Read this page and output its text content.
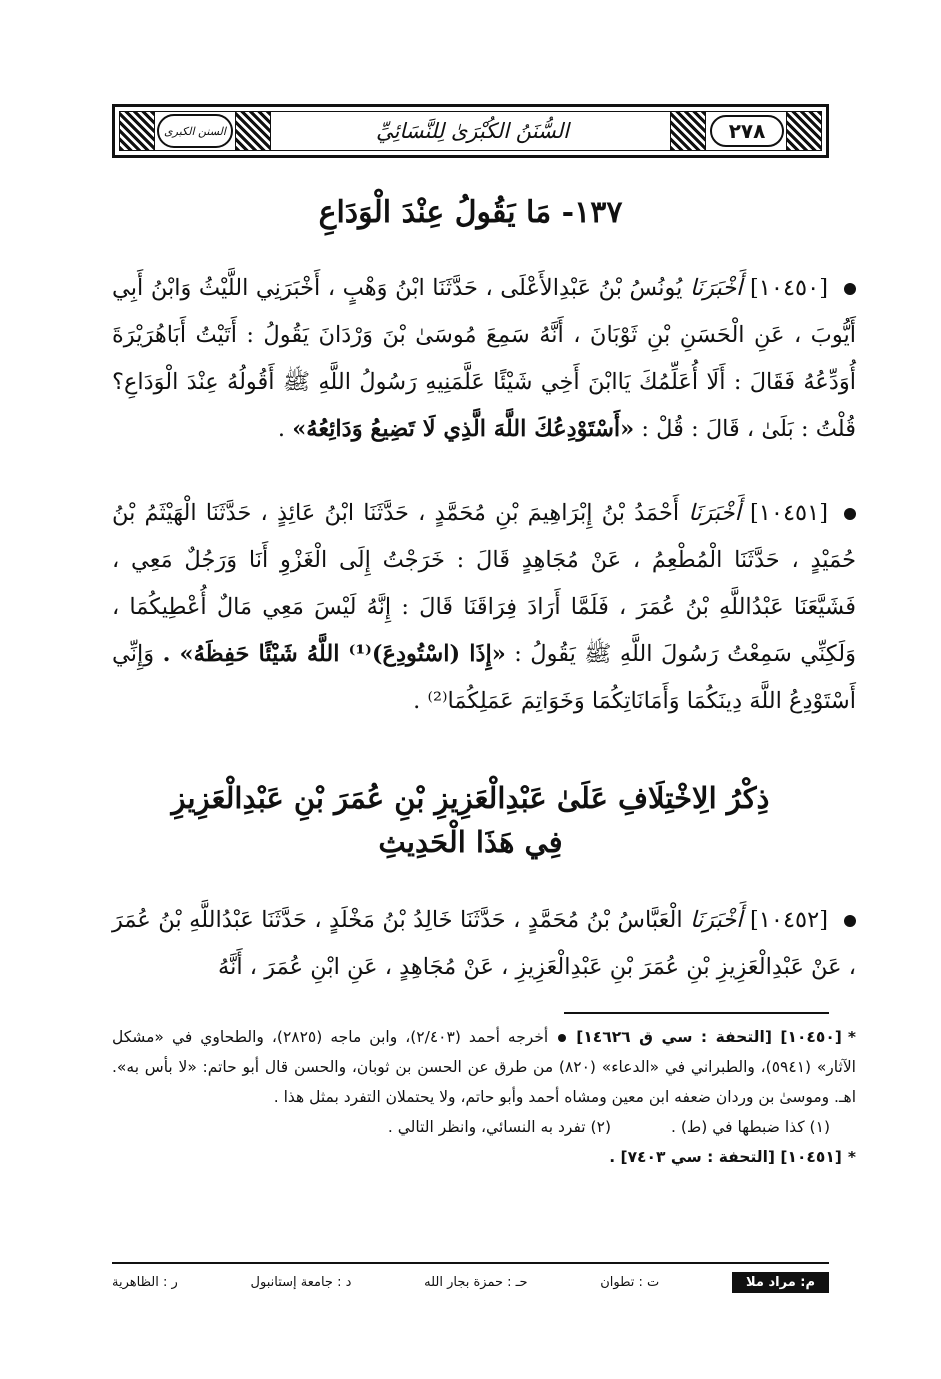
٢٧٨
السُّنَنُ الكُبْرَىٰ لِلنَّسَائِيِّ
السنن الكبرى
١٣٧- مَا يَقُولُ عِنْدَ الْوَدَاعِ
[١٠٤٥٠] أَخْبَرَنَا يُونُسُ بْنُ عَبْدِالأَعْلَى ، حَدَّثَنَا ابْنُ وَهْبٍ ، أَخْبَرَنِي اللَّيْثُ وَابْنُ أَبِي أَيُّوبَ ، عَنِ الْحَسَنِ بْنِ ثَوْبَانَ ، أَنَّهُ سَمِعَ مُوسَىٰ بْنَ وَرْدَانَ يَقُولُ : أَتَيْتُ أَبَاهُرَيْرَةَ أُوَدِّعُهُ فَقَالَ : أَلَا أُعَلِّمُكَ يَاابْنَ أَخِي شَيْئًا عَلَّمَنِيهِ رَسُولُ اللَّهِ ﷺ أَقُولُهُ عِنْدَ الْوَدَاعِ؟ قُلْتُ : بَلَىٰ ، قَالَ : قُلْ : «أَسْتَوْدِعُكَ اللَّهَ الَّذِي لَا تَضِيعُ وَدَائِعُهُ» .
[١٠٤٥١] أَخْبَرَنَا أَحْمَدُ بْنُ إِبْرَاهِيمَ بْنِ مُحَمَّدٍ ، حَدَّثَنَا ابْنُ عَائِذٍ ، حَدَّثَنَا الْهَيْثَمُ بْنُ حُمَيْدٍ ، حَدَّثَنَا الْمُطْعِمُ ، عَنْ مُجَاهِدٍ قَالَ : خَرَجْتُ إِلَى الْغَزْوِ أَنَا وَرَجُلٌ مَعِي ، فَشَيَّعَنَا عَبْدُاللَّهِ بْنُ عُمَرَ ، فَلَمَّا أَرَادَ فِرَاقَنَا قَالَ : إِنَّهُ لَيْسَ مَعِي مَالٌ أُعْطِيكُمَا ، وَلَكِنِّي سَمِعْتُ رَسُولَ اللَّهِ ﷺ يَقُولُ : «إِذَا (اسْتُودِعَ)⁽¹⁾ اللَّهُ شَيْئًا حَفِظَهُ» . وَإِنِّي أَسْتَوْدِعُ اللَّهَ دِينَكُمَا وَأَمَانَاتِكُمَا وَخَوَاتِمَ عَمَلِكُمَا⁽²⁾ .
ذِكْرُ الِاخْتِلَافِ عَلَىٰ عَبْدِالْعَزِيزِ بْنِ عُمَرَ بْنِ عَبْدِالْعَزِيزِ
فِي هَذَا الْحَدِيثِ
[١٠٤٥٢] أَخْبَرَنَا الْعَبَّاسُ بْنُ مُحَمَّدٍ ، حَدَّثَنَا خَالِدُ بْنُ مَخْلَدٍ ، حَدَّثَنَا عَبْدُاللَّهِ بْنُ عُمَرَ ، عَنْ عَبْدِالْعَزِيزِ بْنِ عُمَرَ بْنِ عَبْدِالْعَزِيزِ ، عَنْ مُجَاهِدٍ ، عَنِ ابْنِ عُمَرَ ، أَنَّهُ
*[١٠٤٥٠] [التحفة : سي ق ١٤٦٢٦]أخرجه أحمد (٢/٤٠٣)، وابن ماجه (٢٨٢٥)، والطحاوي في «مشكل الآثار» (٥٩٤١)، والطبراني في «الدعاء» (٨٢٠) من طرق عن الحسن بن ثوبان، والحسن قال أبو حاتم: «لا بأس به». اهـ. وموسىٰ بن وردان ضعفه ابن معين ومشاه أحمد وأبو حاتم، ولا يحتملان التفرد بمثل هذا .
(١) كذا ضبطها في (ط) .
(٢) تفرد به النسائي، وانظر التالي .
*[١٠٤٥١] [التحفة : سي ٧٤٠٣] .
م: مراد ملا
ت : تطوان
حـ : حمزة بجار الله
د : جامعة إستانبول
ر : الظاهرية
